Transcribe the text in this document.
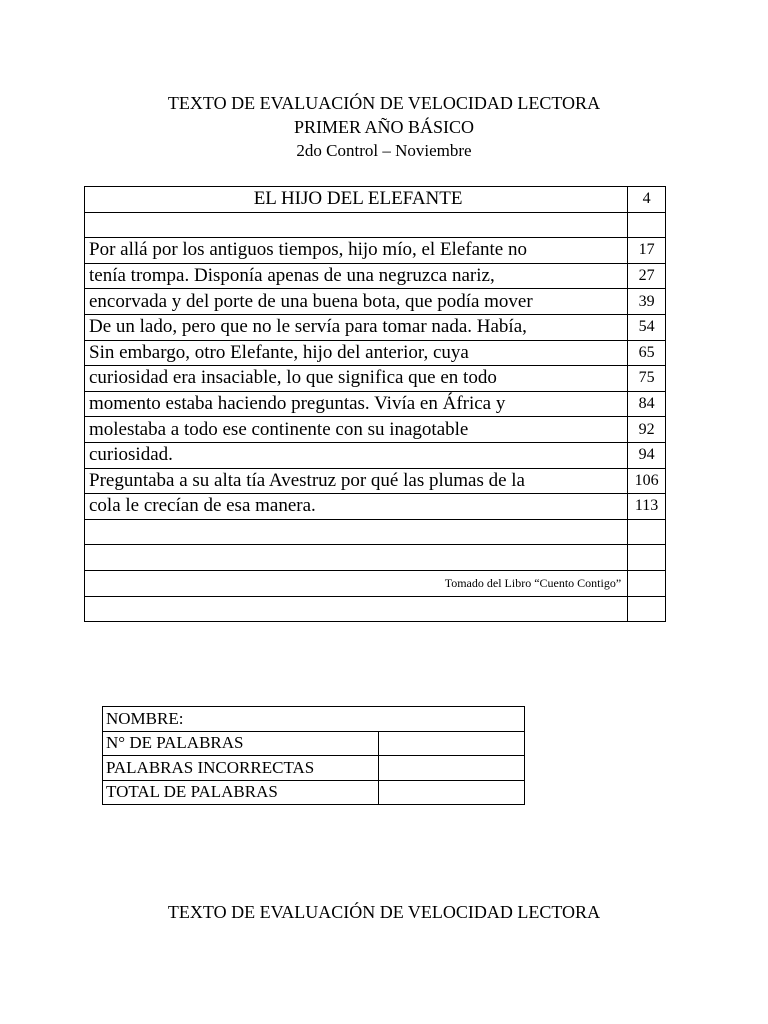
TEXTO DE EVALUACIÓN DE VELOCIDAD LECTORA
PRIMER AÑO BÁSICO
2do Control – Noviembre
EL HIJO DEL ELEFANTE	4

Por allá por los antiguos tiempos, hijo mío, el Elefante no	17
tenía trompa. Disponía apenas de una negruzca nariz,	27
encorvada y del porte de una buena bota, que podía mover	39
De un lado, pero que no le servía para tomar nada. Había,	54
Sin embargo, otro Elefante, hijo del anterior, cuya	65
curiosidad era insaciable, lo que significa que en todo	75
momento estaba haciendo preguntas. Vivía en África y	84
molestaba a todo ese continente con su inagotable	92
curiosidad.	94
Preguntaba a su alta tía Avestruz por qué las plumas de la	106
cola le crecían de esa manera.	113

Tomado del Libro “Cuento Contigo”	

NOMBRE:	
N° DE PALABRAS	
PALABRAS INCORRECTAS	
TOTAL DE PALABRAS	
TEXTO DE EVALUACIÓN DE VELOCIDAD LECTORA
